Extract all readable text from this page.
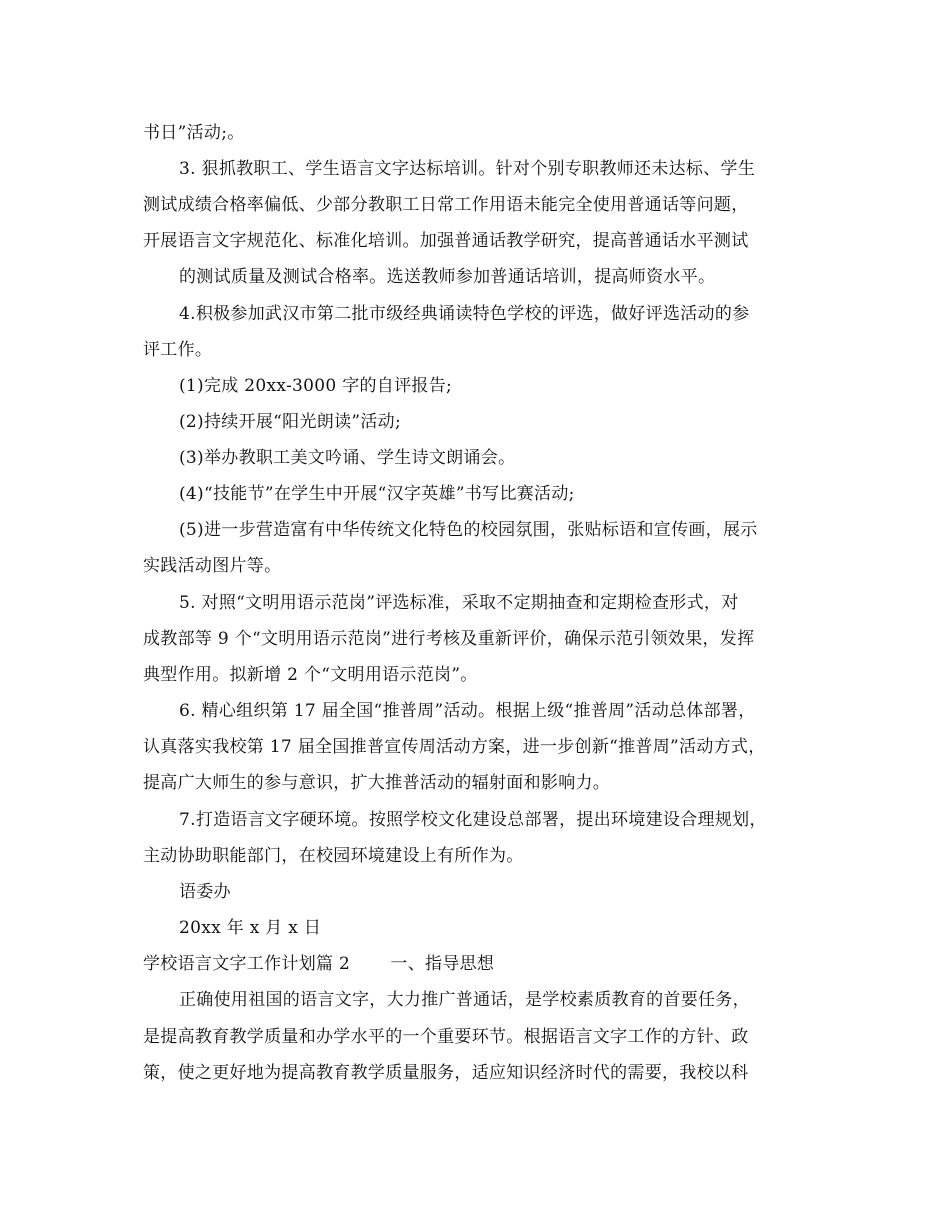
书日”活动;。
3. 狠抓教职工、学生语言文字达标培训。针对个别专职教师还未达标、学生
测试成绩合格率偏低、少部分教职工日常工作用语未能完全使用普通话等问题，
开展语言文字规范化、标准化培训。加强普通话教学研究，提高普通话水平测试
的测试质量及测试合格率。选送教师参加普通话培训，提高师资水平。
4.积极参加武汉市第二批市级经典诵读特色学校的评选，做好评选活动的参
评工作。
(1)完成 20xx-3000 字的自评报告;
(2)持续开展“阳光朗读”活动;
(3)举办教职工美文吟诵、学生诗文朗诵会。
(4)“技能节”在学生中开展“汉字英雄”书写比赛活动;
(5)进一步营造富有中华传统文化特色的校园氛围，张贴标语和宣传画，展示
实践活动图片等。
5. 对照“文明用语示范岗”评选标准，采取不定期抽查和定期检查形式，对
成教部等 9 个“文明用语示范岗”进行考核及重新评价，确保示范引领效果，发挥
典型作用。拟新增 2 个“文明用语示范岗”。
6. 精心组织第 17 届全国“推普周”活动。根据上级“推普周”活动总体部署，
认真落实我校第 17 届全国推普宣传周活动方案，进一步创新“推普周”活动方式，
提高广大师生的参与意识，扩大推普活动的辐射面和影响力。
7.打造语言文字硬环境。按照学校文化建设总部署，提出环境建设合理规划，
主动协助职能部门，在校园环境建设上有所作为。
语委办
20xx 年 x 月 x 日
学校语言文字工作计划篇 2　　 一、指导思想
正确使用祖国的语言文字，大力推广普通话，是学校素质教育的首要任务，
是提高教育教学质量和办学水平的一个重要环节。根据语言文字工作的方针、政
策，使之更好地为提高教育教学质量服务，适应知识经济时代的需要，我校以科
